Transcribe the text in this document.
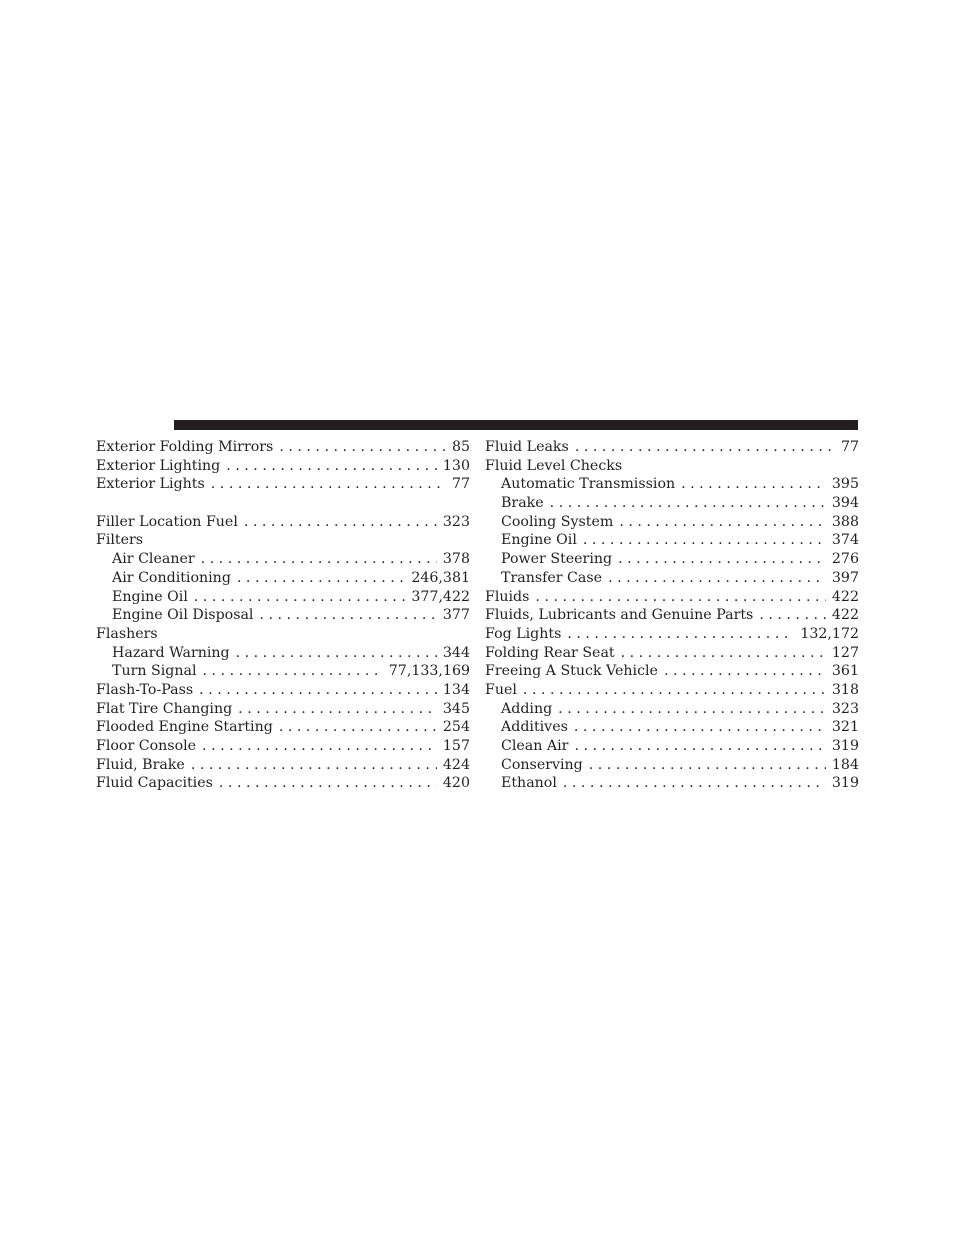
Exterior Folding Mirrors . . .	85
Exterior Lighting . . .	130
Exterior Lights . . .	77
Filler Location Fuel . . .	323
Filters
Air Cleaner . . .	378
Air Conditioning . . .	246,381
Engine Oil . . .	377,422
Engine Oil Disposal . . .	377
Flashers
Hazard Warning . . .	344
Turn Signal . . .	77,133,169
Flash-To-Pass . . .	134
Flat Tire Changing . . .	345
Flooded Engine Starting . . .	254
Floor Console . . .	157
Fluid, Brake . . .	424
Fluid Capacities . . .	420
Fluid Leaks . . .	77
Fluid Level Checks
Automatic Transmission . . .	395
Brake . . .	394
Cooling System . . .	388
Engine Oil . . .	374
Power Steering . . .	276
Transfer Case . . .	397
Fluids . . .	422
Fluids, Lubricants and Genuine Parts . . .	422
Fog Lights . . .	132,172
Folding Rear Seat . . .	127
Freeing A Stuck Vehicle . . .	361
Fuel . . .	318
Adding . . .	323
Additives . . .	321
Clean Air . . .	319
Conserving . . .	184
Ethanol . . .	319
